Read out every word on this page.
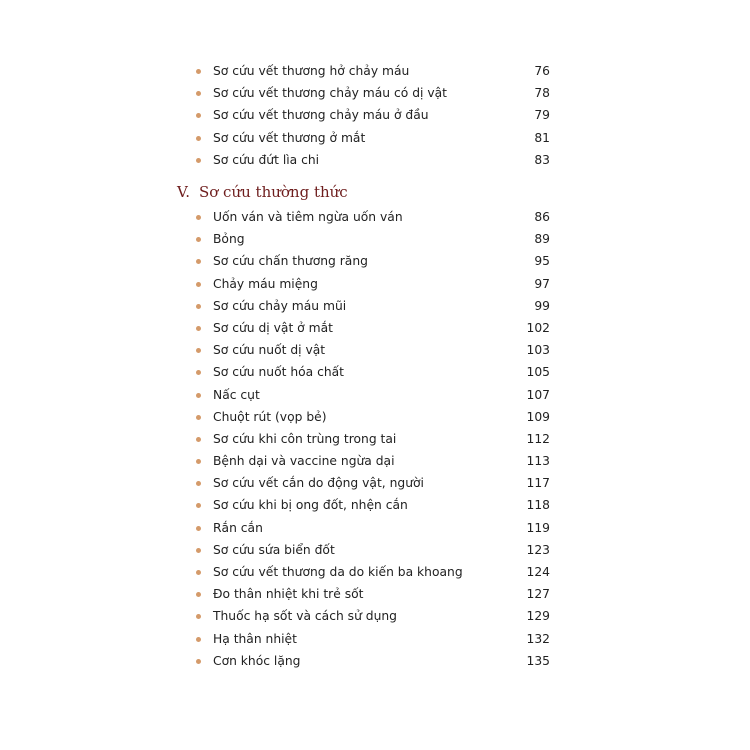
Sơ cứu vết thương hở chảy máu	76
Sơ cứu vết thương chảy máu có dị vật	78
Sơ cứu vết thương chảy máu ở đầu	79
Sơ cứu vết thương ở mắt	81
Sơ cứu đứt lìa chi	83
V. Sơ cứu thường thức
Uốn ván và tiêm ngừa uốn ván	86
Bỏng	89
Sơ cứu chấn thương răng	95
Chảy máu miệng	97
Sơ cứu chảy máu mũi	99
Sơ cứu dị vật ở mắt	102
Sơ cứu nuốt dị vật	103
Sơ cứu nuốt hóa chất	105
Nấc cụt	107
Chuột rút (vọp bẻ)	109
Sơ cứu khi côn trùng trong tai	112
Bệnh dại và vaccine ngừa dại	113
Sơ cứu vết cắn do động vật, người	117
Sơ cứu khi bị ong đốt, nhện cắn	118
Rắn cắn	119
Sơ cứu sứa biển đốt	123
Sơ cứu vết thương da do kiến ba khoang	124
Đo thân nhiệt khi trẻ sốt	127
Thuốc hạ sốt và cách sử dụng	129
Hạ thân nhiệt	132
Cơn khóc lặng	135
